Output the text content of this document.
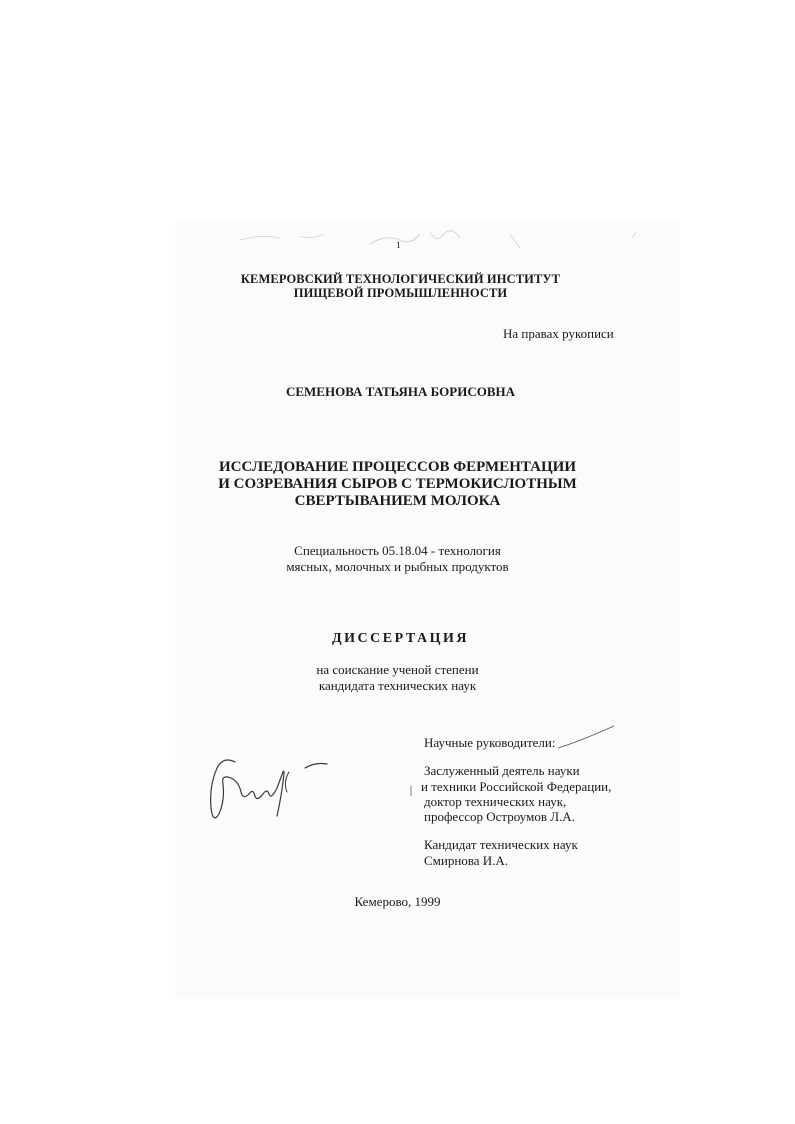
1
КЕМЕРОВСКИЙ ТЕХНОЛОГИЧЕСКИЙ ИНСТИТУТ
ПИЩЕВОЙ ПРОМЫШЛЕННОСТИ
На правах рукописи
СЕМЕНОВА ТАТЬЯНА БОРИСОВНА
ИССЛЕДОВАНИЕ ПРОЦЕССОВ ФЕРМЕНТАЦИИ
И СОЗРЕВАНИЯ СЫРОВ С ТЕРМОКИСЛОТНЫМ
СВЕРТЫВАНИЕМ МОЛОКА
Специальность 05.18.04 - технология
мясных, молочных и рыбных продуктов
ДИССЕРТАЦИЯ
на соискание ученой степени
кандидата технических наук
Научные руководители:
Заслуженный деятель науки
и техники Российской Федерации,
доктор технических наук,
профессор Остроумов Л.А.
Кандидат технических наук
Смирнова И.А.
Кемерово, 1999
